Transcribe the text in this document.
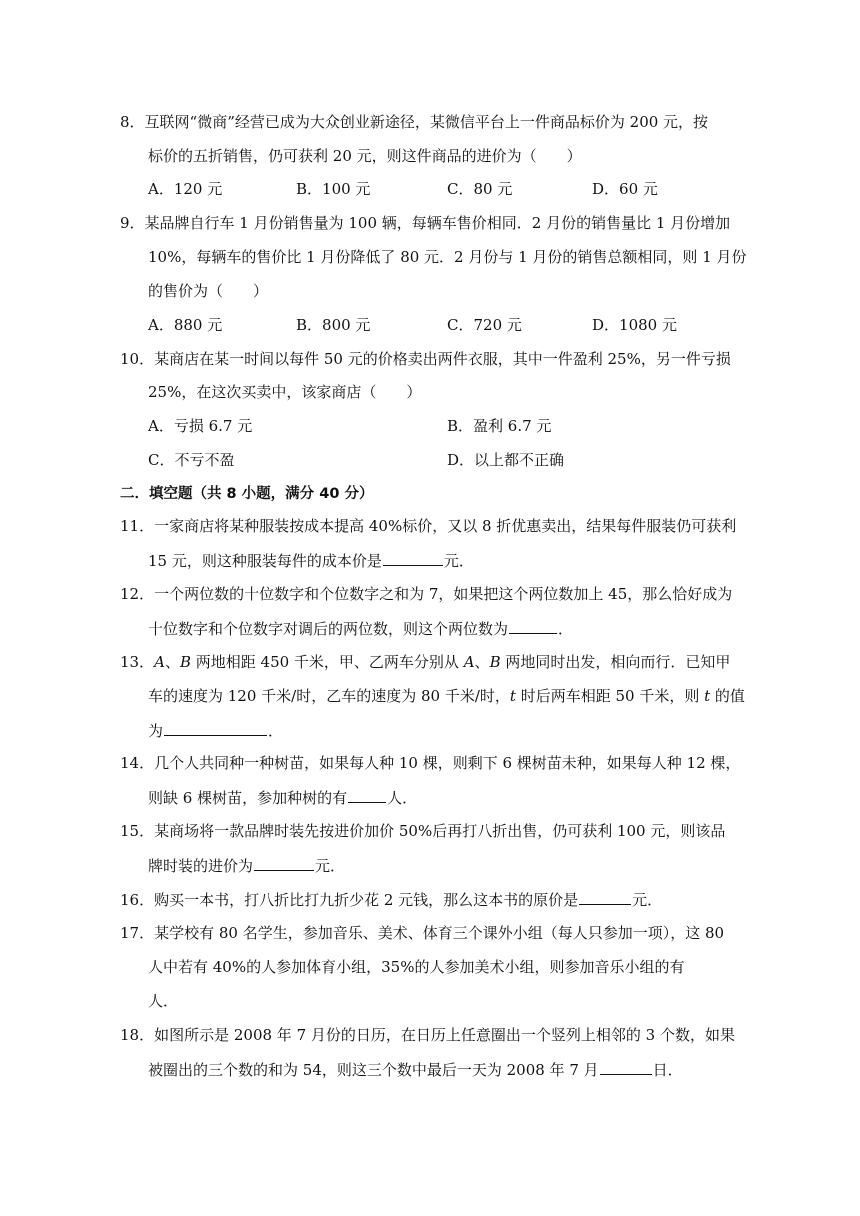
8．互联网“微商”经营已成为大众创业新途径，某微信平台上一件商品标价为 200 元，按
标价的五折销售，仍可获利 20 元，则这件商品的进价为（　　）
A．120 元	B．100 元	C．80 元	D．60 元
9．某品牌自行车 1 月份销售量为 100 辆，每辆车售价相同．2 月份的销售量比 1 月份增加
10%，每辆车的售价比 1 月份降低了 80 元．2 月份与 1 月份的销售总额相同，则 1 月份
的售价为（　　）
A．880 元	B．800 元	C．720 元	D．1080 元
10．某商店在某一时间以每件 50 元的价格卖出两件衣服，其中一件盈利 25%，另一件亏损
25%，在这次买卖中，该家商店（　　）
A．亏损 6.7 元	B．盈利 6.7 元
C．不亏不盈	D．以上都不正确
二．填空题（共 8 小题，满分 40 分）
11．一家商店将某种服装按成本提高 40%标价，又以 8 折优惠卖出，结果每件服装仍可获利
15 元，则这种服装每件的成本价是	元．
12．一个两位数的十位数字和个位数字之和为 7，如果把这个两位数加上 45，那么恰好成为
十位数字和个位数字对调后的两位数，则这个两位数为	．
13．A、B 两地相距 450 千米，甲、乙两车分别从 A、B 两地同时出发，相向而行．已知甲
车的速度为 120 千米/时，乙车的速度为 80 千米/时，t 时后两车相距 50 千米，则 t 的值
为	．
14．几个人共同种一种树苗，如果每人种 10 棵，则剩下 6 棵树苗未种，如果每人种 12 棵，
则缺 6 棵树苗，参加种树的有	人．
15．某商场将一款品牌时装先按进价加价 50%后再打八折出售，仍可获利 100 元，则该品
牌时装的进价为	元．
16．购买一本书，打八折比打九折少花 2 元钱，那么这本书的原价是	元．
17．某学校有 80 名学生，参加音乐、美术、体育三个课外小组（每人只参加一项），这 80
人中若有 40%的人参加体育小组，35%的人参加美术小组，则参加音乐小组的有
人．
18．如图所示是 2008 年 7 月份的日历，在日历上任意圈出一个竖列上相邻的 3 个数，如果
被圈出的三个数的和为 54，则这三个数中最后一天为 2008 年 7 月	日．
